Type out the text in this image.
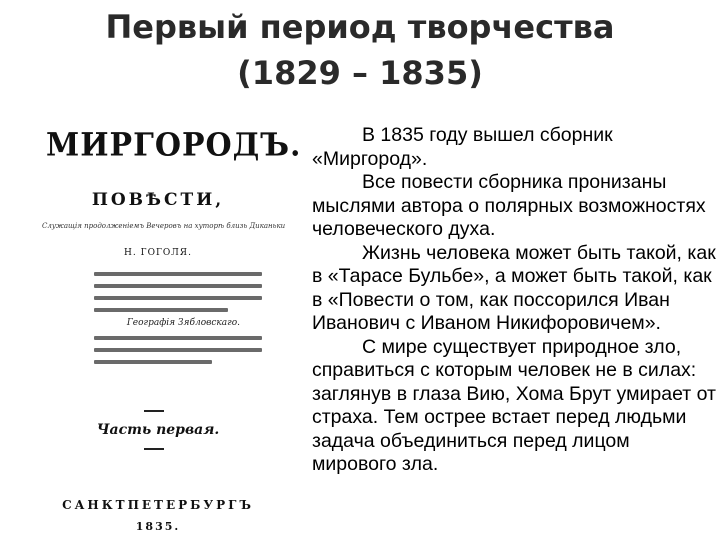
Первый период творчества
(1829 – 1835)
МИРГОРОДЪ.
ПОВѢСТИ,
Служащія продолженіемъ Вечеровъ на хуторѣ близь Диканьки
Н. ГОГОЛЯ.
Географія Зябловскаго.
Часть первая.
САНКТПЕТЕРБУРГЪ
1835.

В 1835 году вышел сборник «Миргород».

Все повести сборника пронизаны мыслями автора о полярных возможностях человеческого духа.

Жизнь человека может быть такой, как в «Тарасе Бульбе», а может быть такой, как в «Повести о том, как поссорился Иван Иванович с Иваном Никифоровичем».

С мире существует природное зло, справиться с которым человек не в силах: заглянув в глаза Вию, Хома Брут умирает от страха. Тем острее встает перед людьми задача объединиться перед лицом мирового зла.
